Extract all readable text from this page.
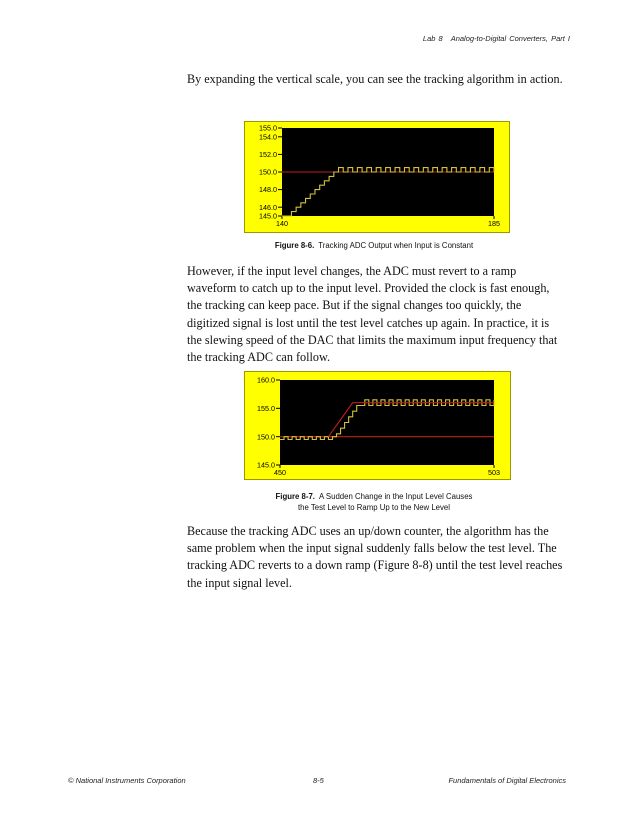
Lab 8 Analog-to-Digital Converters, Part I

By expanding the vertical scale, you can see the tracking algorithm in action.

155.0
154.0
152.0
150.0
148.0
146.0
145.0
140	185
Figure 8-6. Tracking ADC Output when Input is Constant

However, if the input level changes, the ADC must revert to a ramp waveform to catch up to the input level. Provided the clock is fast enough, the tracking can keep pace. But if the signal changes too quickly, the digitized signal is lost until the test level catches up again. In practice, it is the slewing speed of the DAC that limits the maximum input frequency that the tracking ADC can follow.

160.0
155.0
150.0
145.0
450	503
Figure 8-7. A Sudden Change in the Input Level Causes
the Test Level to Ramp Up to the New Level

Because the tracking ADC uses an up/down counter, the algorithm has the same problem when the input signal suddenly falls below the test level. The tracking ADC reverts to a down ramp (Figure 8-8) until the test level reaches the input signal level.

© National Instruments Corporation	8-5	Fundamentals of Digital Electronics
